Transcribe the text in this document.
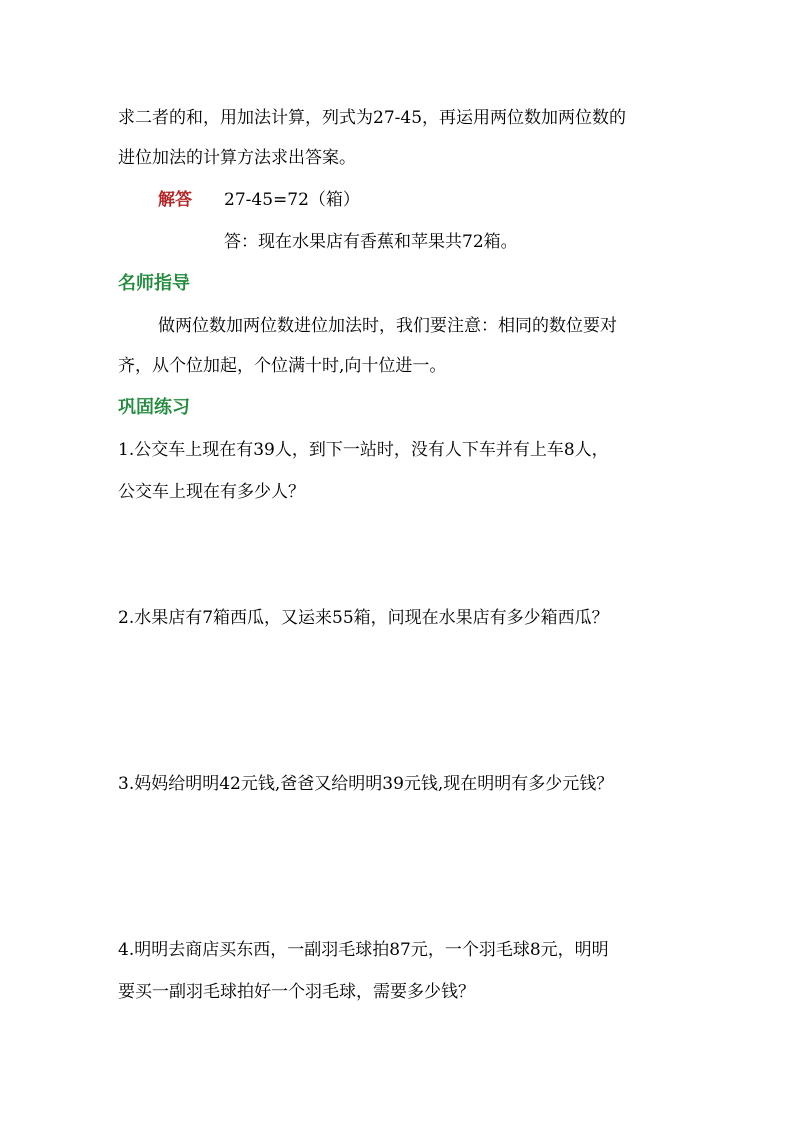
求二者的和，用加法计算，列式为27-45，再运用两位数加两位数的

进位加法的计算方法求出答案。

解答 27-45=72（箱）

答：现在水果店有香蕉和苹果共72箱。

名师指导

做两位数加两位数进位加法时，我们要注意：相同的数位要对

齐，从个位加起，个位满十时,向十位进一。

巩固练习

1.公交车上现在有39人，到下一站时，没有人下车并有上车8人，

公交车上现在有多少人？

2.水果店有7箱西瓜，又运来55箱，问现在水果店有多少箱西瓜？

3.妈妈给明明42元钱,爸爸又给明明39元钱,现在明明有多少元钱？

4.明明去商店买东西，一副羽毛球拍87元，一个羽毛球8元，明明

要买一副羽毛球拍好一个羽毛球，需要多少钱？
